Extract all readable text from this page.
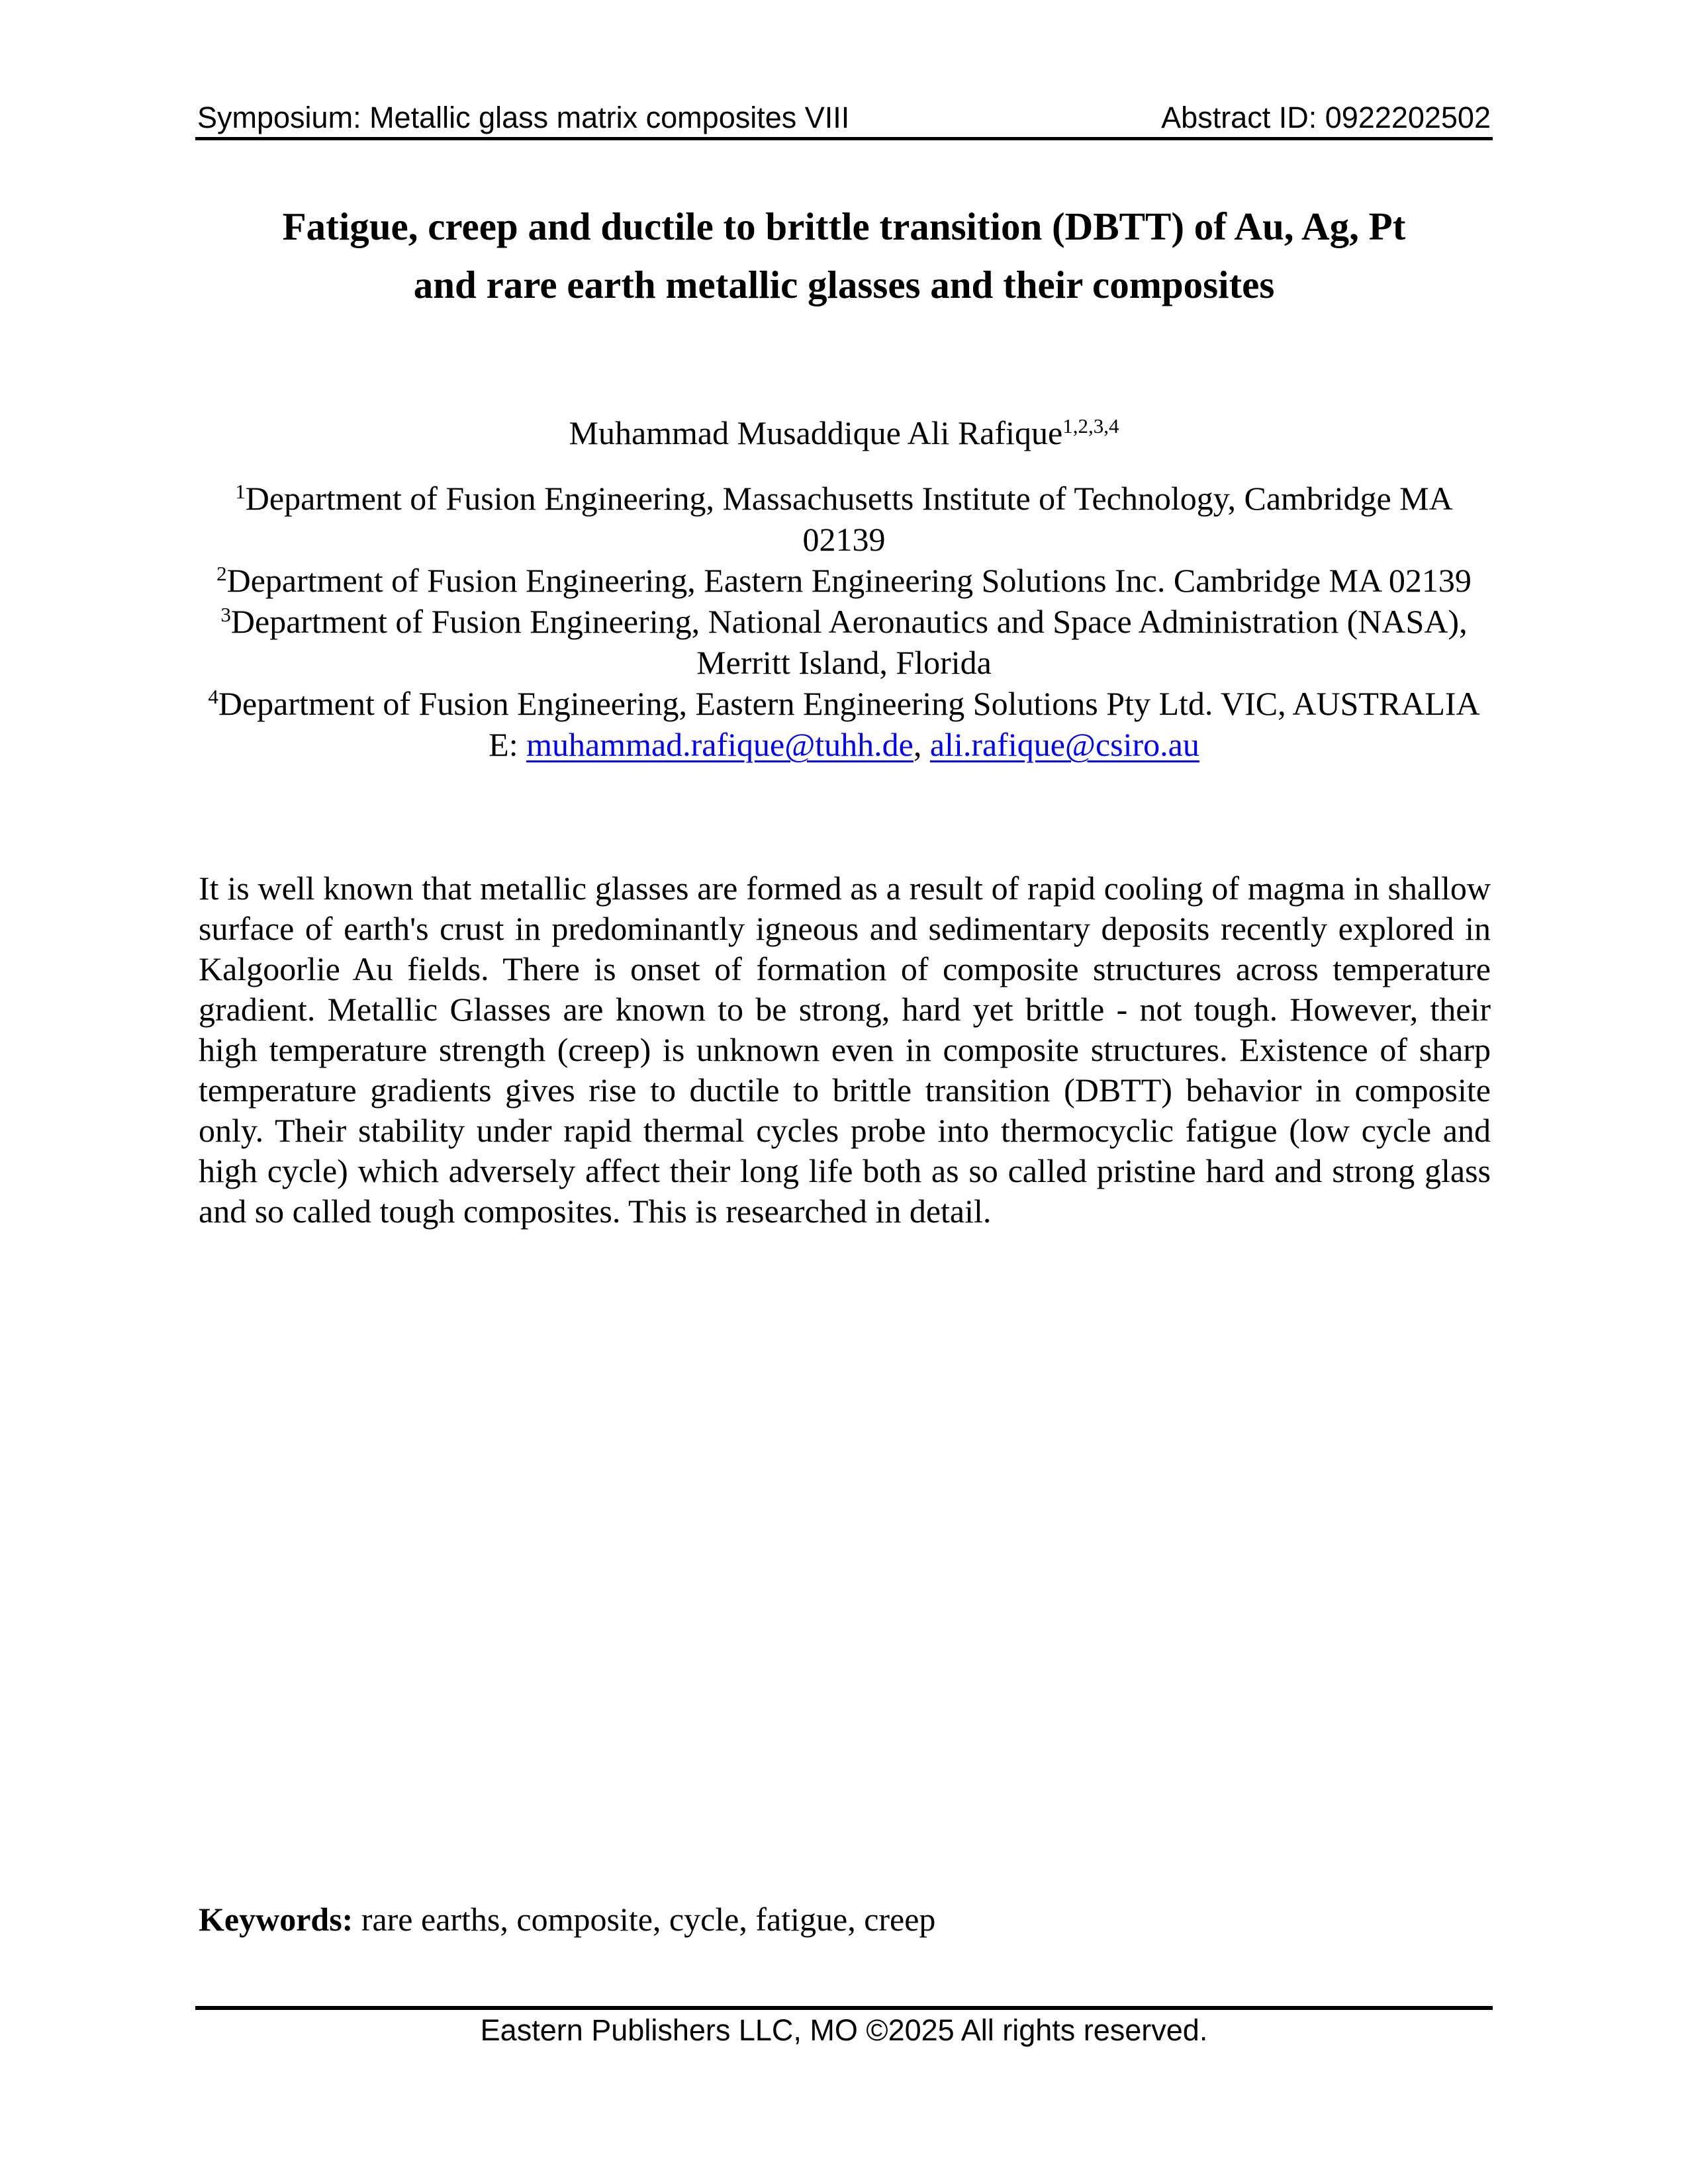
Symposium: Metallic glass matrix composites VIII	Abstract ID: 0922202502
Fatigue, creep and ductile to brittle transition (DBTT) of Au, Ag, Pt
and rare earth metallic glasses and their composites
Muhammad Musaddique Ali Rafique$^{1,2,3,4}$
$^1$Department of Fusion Engineering, Massachusetts Institute of Technology, Cambridge MA 02139
$^2$Department of Fusion Engineering, Eastern Engineering Solutions Inc. Cambridge MA 02139
$^3$Department of Fusion Engineering, National Aeronautics and Space Administration (NASA),
Merritt Island, Florida
$^4$Department of Fusion Engineering, Eastern Engineering Solutions Pty Ltd. VIC, AUSTRALIA
E: muhammad.rafique@tuhh.de, ali.rafique@csiro.au

It is well known that metallic glasses are formed as a result of rapid cooling of magma in shallow surface of earth's crust in predominantly igneous and sedimentary deposits recently explored in Kalgoorlie Au fields. There is onset of formation of composite structures across temperature gradient. Metallic Glasses are known to be strong, hard yet brittle - not tough. However, their high temperature strength (creep) is unknown even in composite structures. Existence of sharp temperature gradients gives rise to ductile to brittle transition (DBTT) behavior in composite only. Their stability under rapid thermal cycles probe into thermocyclic fatigue (low cycle and high cycle) which adversely affect their long life both as so called pristine hard and strong glass and so called tough composites. This is researched in detail.

Keywords: rare earths, composite, cycle, fatigue, creep
Eastern Publishers LLC, MO ©2025 All rights reserved.
